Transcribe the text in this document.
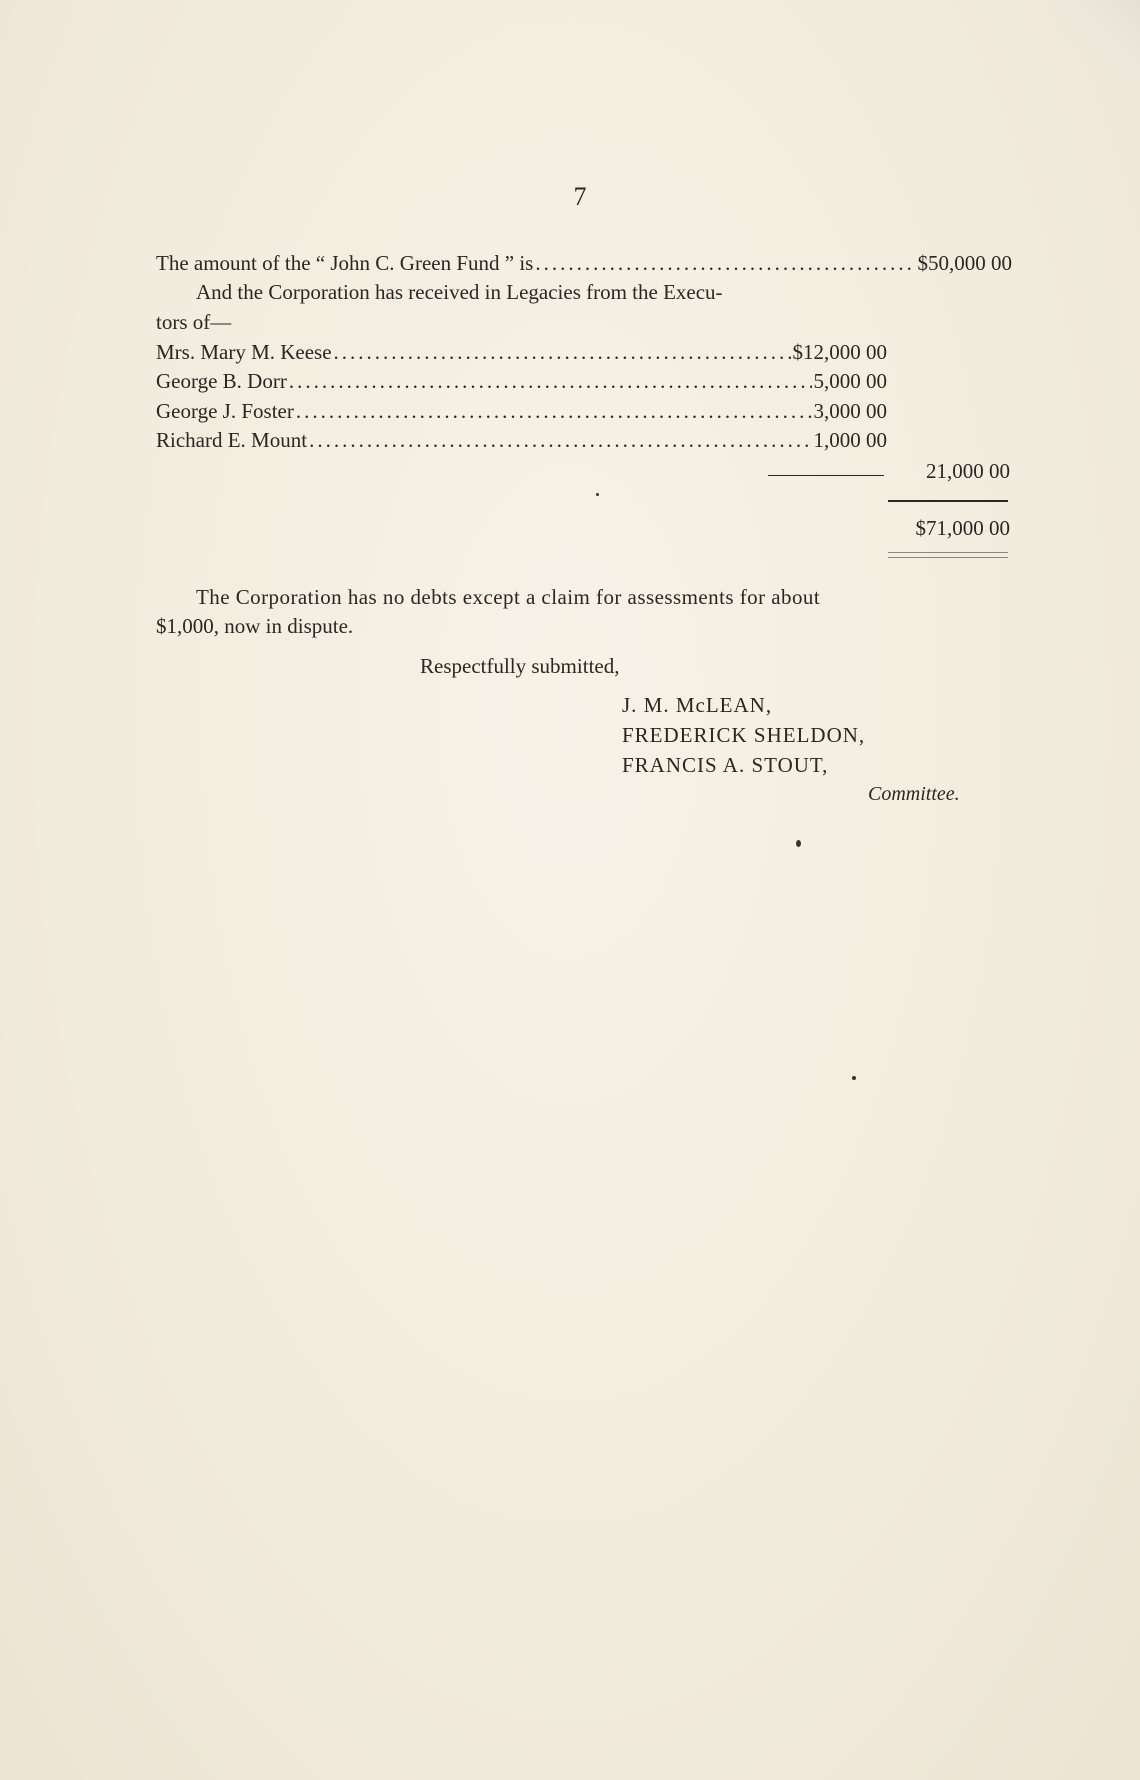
7
The amount of the “ John C. Green Fund ” is .....	$50,000 00
And the Corporation has received in Legacies from the Execu-
tors of—
Mrs. Mary M. Keese .....	$12,000 00
George B. Dorr .....	5,000 00
George J. Foster .....	3,000 00
Richard E. Mount .....	1,000 00
21,000 00
$71,000 00
The Corporation has no debts except a claim for assessments for about
$1,000, now in dispute.
Respectfully submitted,
J. M. McLEAN,
FREDERICK SHELDON,
FRANCIS A. STOUT,
Committee.
